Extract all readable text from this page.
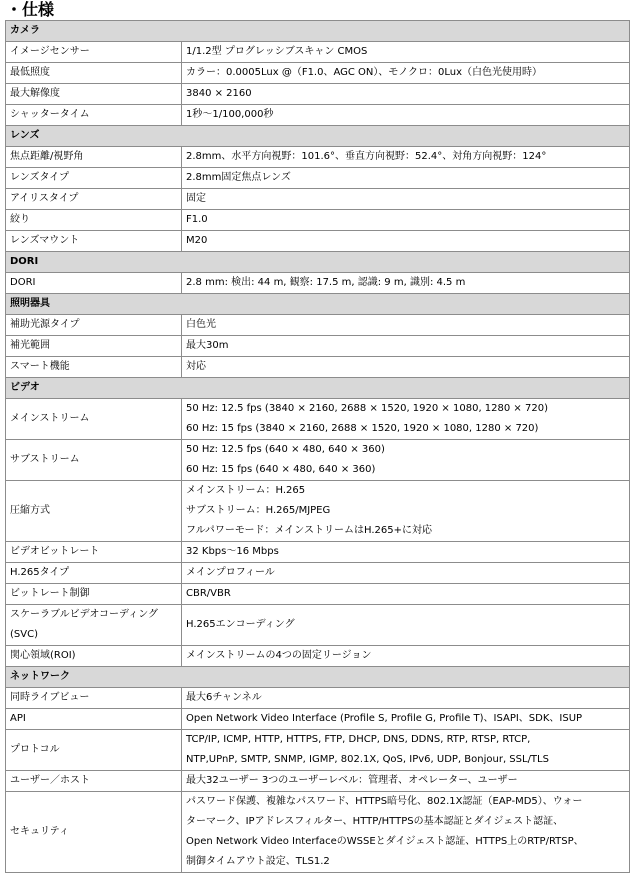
・仕様
カメラ	
イメージセンサー	1/1.2型 プログレッシブスキャン CMOS

最低照度	カラー：0.0005Lux @（F1.0、AGC ON）、モノクロ：0Lux（白色光使用時）

最大解像度	3840 × 2160

シャッタータイム	1秒～1/100,000秒

レンズ	
焦点距離/視野角	2.8mm、水平方向視野：101.6°、垂直方向視野：52.4°、対角方向視野：124°

レンズタイプ	2.8mm固定焦点レンズ

アイリスタイプ	固定

絞り	F1.0

レンズマウント	M20

DORI	
DORI	2.8 mm: 検出: 44 m, 観察: 17.5 m, 認識: 9 m, 識別: 4.5 m

照明器具	
補助光源タイプ	白色光

補光範囲	最大30m

スマート機能	対応

ビデオ	
メインストリーム	50 Hz: 12.5 fps (3840 × 2160, 2688 × 1520, 1920 × 1080, 1280 × 720)
60 Hz: 15 fps (3840 × 2160, 2688 × 1520, 1920 × 1080, 1280 × 720)

サブストリーム	50 Hz: 12.5 fps (640 × 480, 640 × 360)
60 Hz: 15 fps (640 × 480, 640 × 360)

圧縮方式	メインストリーム：H.265
サブストリーム：H.265/MJPEG
フルパワーモード：メインストリームはH.265+に対応

ビデオビットレート	32 Kbps～16 Mbps

H.265タイプ	メインプロフィール

ビットレート制御	CBR/VBR

スケーラブルビデオコーディング(SVC)	H.265エンコーディング

関心領域(ROI)	メインストリームの4つの固定リージョン

ネットワーク	
同時ライブビュー	最大6チャンネル

API	Open Network Video Interface (Profile S, Profile G, Profile T)、ISAPI、SDK、ISUP

プロトコル	TCP/IP, ICMP, HTTP, HTTPS, FTP, DHCP, DNS, DDNS, RTP, RTSP, RTCP,
NTP,UPnP, SMTP, SNMP, IGMP, 802.1X, QoS, IPv6, UDP, Bonjour, SSL/TLS

ユーザー／ホスト	最大32ユーザー 3つのユーザーレベル：管理者、オペレーター、ユーザー

セキュリティ	パスワード保護、複雑なパスワード、HTTPS暗号化、802.1X認証（EAP-MD5）、ウォー
ターマーク、IPアドレスフィルター、HTTP/HTTPSの基本認証とダイジェスト認証、
Open Network Video InterfaceのWSSEとダイジェスト認証、HTTPS上のRTP/RTSP、
制御タイムアウト設定、TLS1.2
